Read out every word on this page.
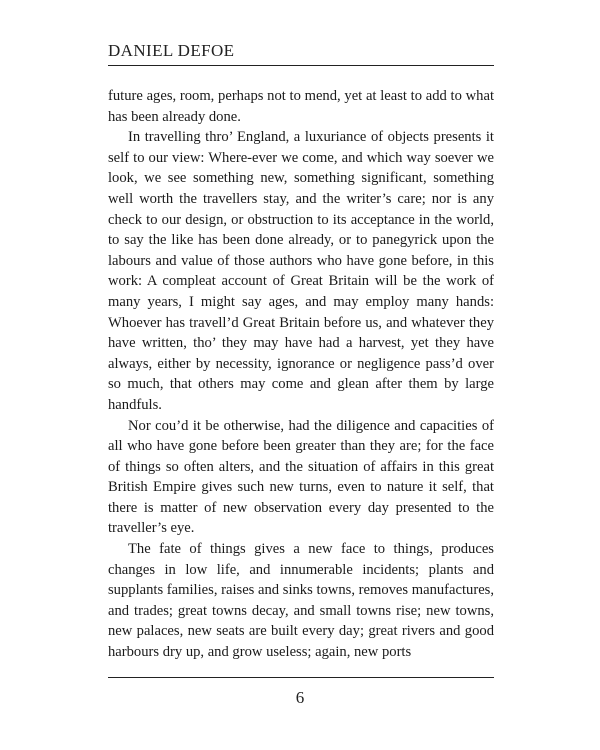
DANIEL DEFOE

future ages, room, perhaps not to mend, yet at least to add to what has been already done.

In travelling thro’ England, a luxuriance of objects presents it self to our view: Where-ever we come, and which way soever we look, we see something new, something significant, something well worth the travellers stay, and the writer’s care; nor is any check to our design, or obstruction to its acceptance in the world, to say the like has been done already, or to panegyrick upon the labours and value of those authors who have gone before, in this work: A compleat account of Great Britain will be the work of many years, I might say ages, and may employ many hands: Whoever has travell’d Great Britain before us, and whatever they have written, tho’ they may have had a harvest, yet they have always, either by necessity, ignorance or negligence pass’d over so much, that others may come and glean after them by large handfuls.

Nor cou’d it be otherwise, had the diligence and capacities of all who have gone before been greater than they are; for the face of things so often alters, and the situation of affairs in this great British Empire gives such new turns, even to nature it self, that there is matter of new observation every day presented to the traveller’s eye.

The fate of things gives a new face to things, produces changes in low life, and innumerable incidents; plants and supplants families, raises and sinks towns, removes manufactures, and trades; great towns decay, and small towns rise; new towns, new palaces, new seats are built every day; great rivers and good harbours dry up, and grow useless; again, new ports

6
